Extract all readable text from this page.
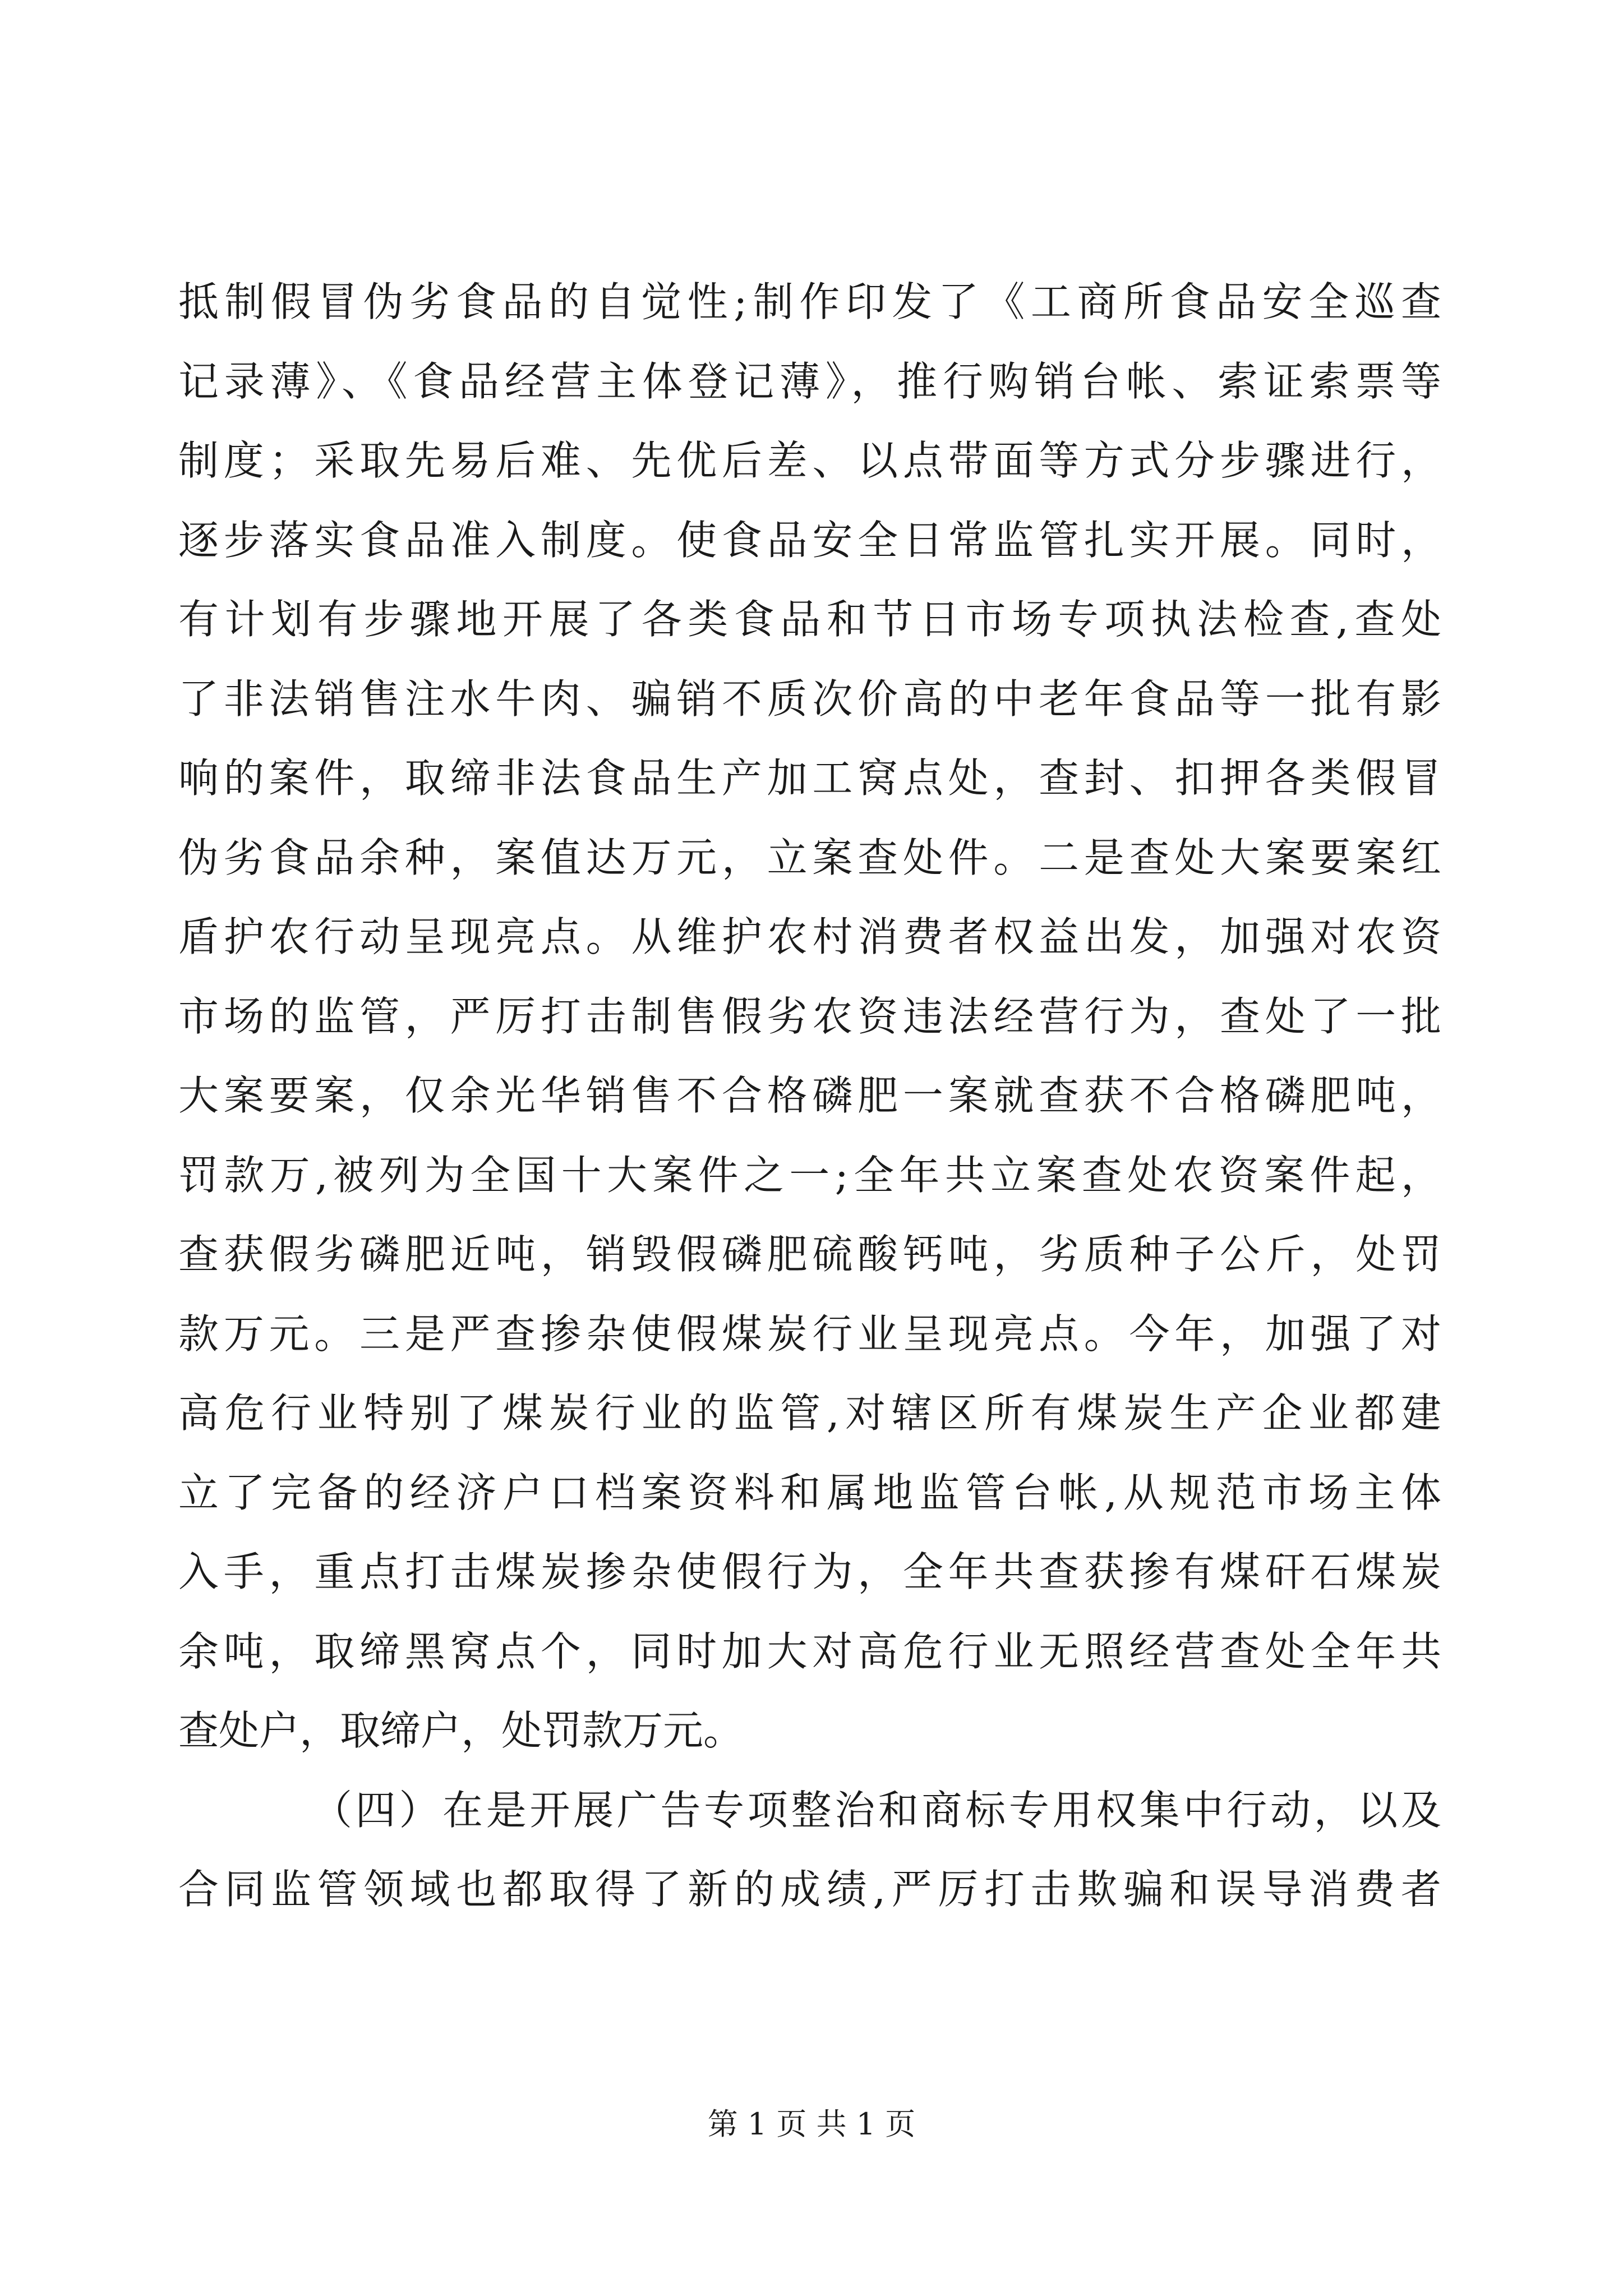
抵制假冒伪劣食品的自觉性;制作印发了《工商所食品安全巡查
记录薄》、《食品经营主体登记薄》，推行购销台帐、索证索票等
制度；采取先易后难、先优后差、以点带面等方式分步骤进行，
逐步落实食品准入制度。使食品安全日常监管扎实开展。同时，
有计划有步骤地开展了各类食品和节日市场专项执法检查,查处
了非法销售注水牛肉、骗销不质次价高的中老年食品等一批有影
响的案件，取缔非法食品生产加工窝点处，查封、扣押各类假冒
伪劣食品余种，案值达万元，立案查处件。二是查处大案要案红
盾护农行动呈现亮点。从维护农村消费者权益出发，加强对农资
市场的监管，严厉打击制售假劣农资违法经营行为，查处了一批
大案要案，仅余光华销售不合格磷肥一案就查获不合格磷肥吨，
罚款万,被列为全国十大案件之一;全年共立案查处农资案件起，
查获假劣磷肥近吨，销毁假磷肥硫酸钙吨，劣质种子公斤，处罚
款万元。三是严查掺杂使假煤炭行业呈现亮点。今年，加强了对
高危行业特别了煤炭行业的监管,对辖区所有煤炭生产企业都建
立了完备的经济户口档案资料和属地监管台帐,从规范市场主体
入手，重点打击煤炭掺杂使假行为，全年共查获掺有煤矸石煤炭
余吨，取缔黑窝点个，同时加大对高危行业无照经营查处全年共
查处户，取缔户，处罚款万元。
（四）在是开展广告专项整治和商标专用权集中行动，以及
合同监管领域也都取得了新的成绩,严厉打击欺骗和误导消费者
第 1 页 共 1 页
